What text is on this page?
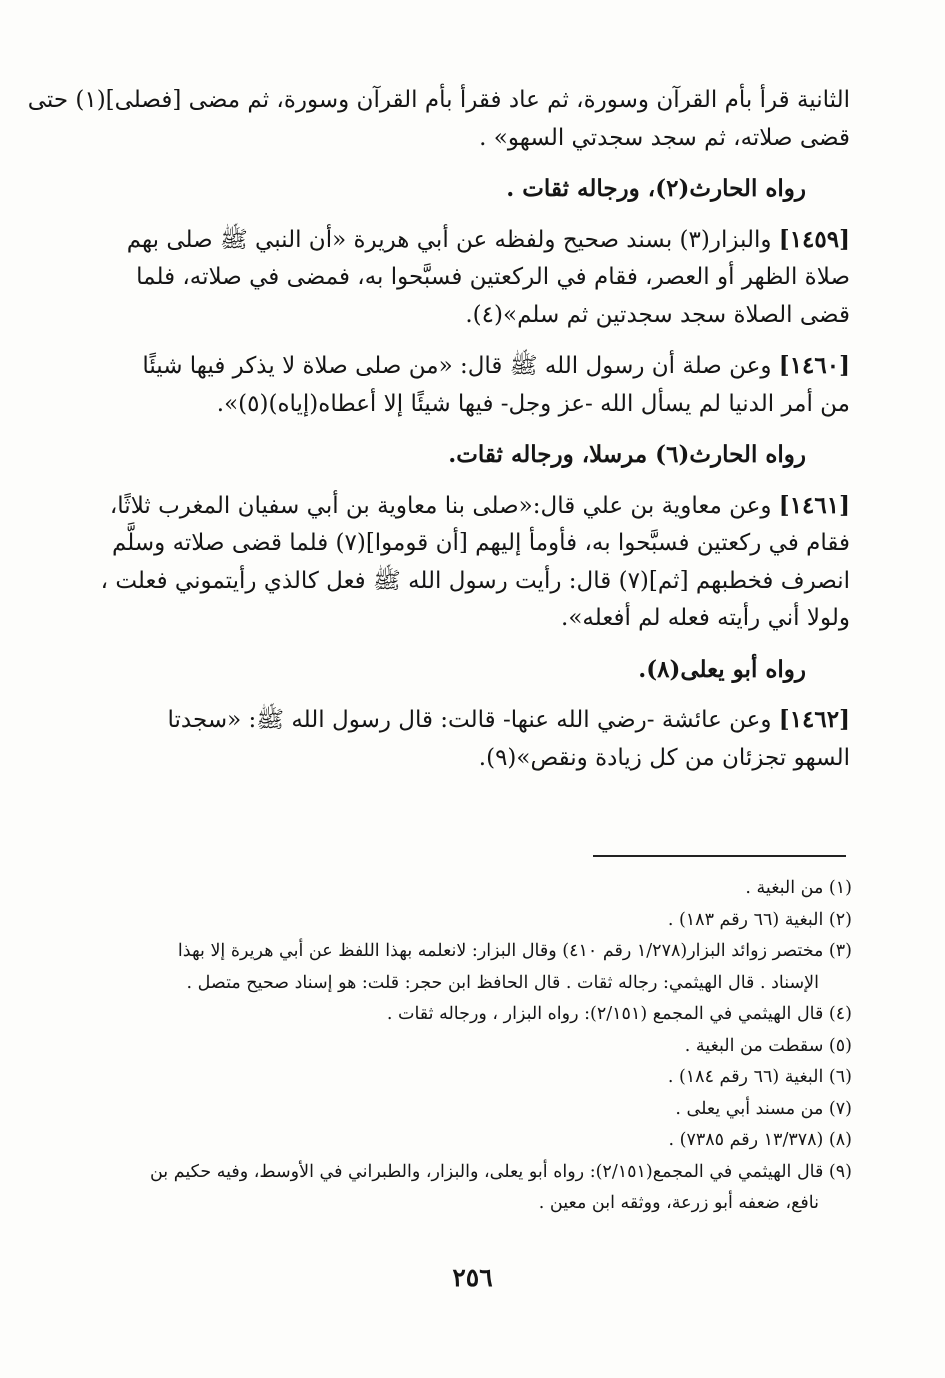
الثانية قرأ بأم القرآن وسورة، ثم عاد فقرأ بأم القرآن وسورة، ثم مضى [فصلى](١) حتى
قضى صلاته، ثم سجد سجدتي السهو» .

رواه الحارث(٢)، ورجاله ثقات .

[١٤٥٩] والبزار(٣) بسند صحيح ولفظه عن أبي هريرة «أن النبي ﷺ صلى بهم
صلاة الظهر أو العصر، فقام في الركعتين فسبَّحوا به، فمضى في صلاته، فلما
قضى الصلاة سجد سجدتين ثم سلم»(٤).

[١٤٦٠] وعن صلة أن رسول الله ﷺ قال: «من صلى صلاة لا يذكر فيها شيئًا
من أمر الدنيا لم يسأل الله -عز وجل- فيها شيئًا إلا أعطاه(إياه)(٥)».

رواه الحارث(٦) مرسلا، ورجاله ثقات.

[١٤٦١] وعن معاوية بن علي قال:«صلى بنا معاوية بن أبي سفيان المغرب ثلاثًا،
فقام في ركعتين فسبَّحوا به، فأومأ إليهم [أن قوموا](٧) فلما قضى صلاته وسلَّم
انصرف فخطبهم [ثم](٧) قال: رأيت رسول الله ﷺ فعل كالذي رأيتموني فعلت ،
ولولا أني رأيته فعله لم أفعله».

رواه أبو يعلى(٨).

[١٤٦٢] وعن عائشة -رضي الله عنها- قالت: قال رسول الله ﷺ: «سجدتا
السهو تجزئان من كل زيادة ونقص»(٩).

(١) من البغية .
(٢) البغية (٦٦ رقم ١٨٣) .
(٣) مختصر زوائد البزار(١/٢٧٨ رقم ٤١٠) وقال البزار: لانعلمه بهذا اللفظ عن أبي هريرة إلا بهذا
الإسناد . قال الهيثمي: رجاله ثقات . قال الحافظ ابن حجر: قلت: هو إسناد صحيح متصل .
(٤) قال الهيثمي في المجمع (٢/١٥١): رواه البزار ، ورجاله ثقات .
(٥) سقطت من البغية .
(٦) البغية (٦٦ رقم ١٨٤) .
(٧) من مسند أبي يعلى .
(٨) (١٣/٣٧٨ رقم ٧٣٨٥) .
(٩) قال الهيثمي في المجمع(٢/١٥١): رواه أبو يعلى، والبزار، والطبراني في الأوسط، وفيه حكيم بن
نافع، ضعفه أبو زرعة، ووثقه ابن معين .
٢٥٦
